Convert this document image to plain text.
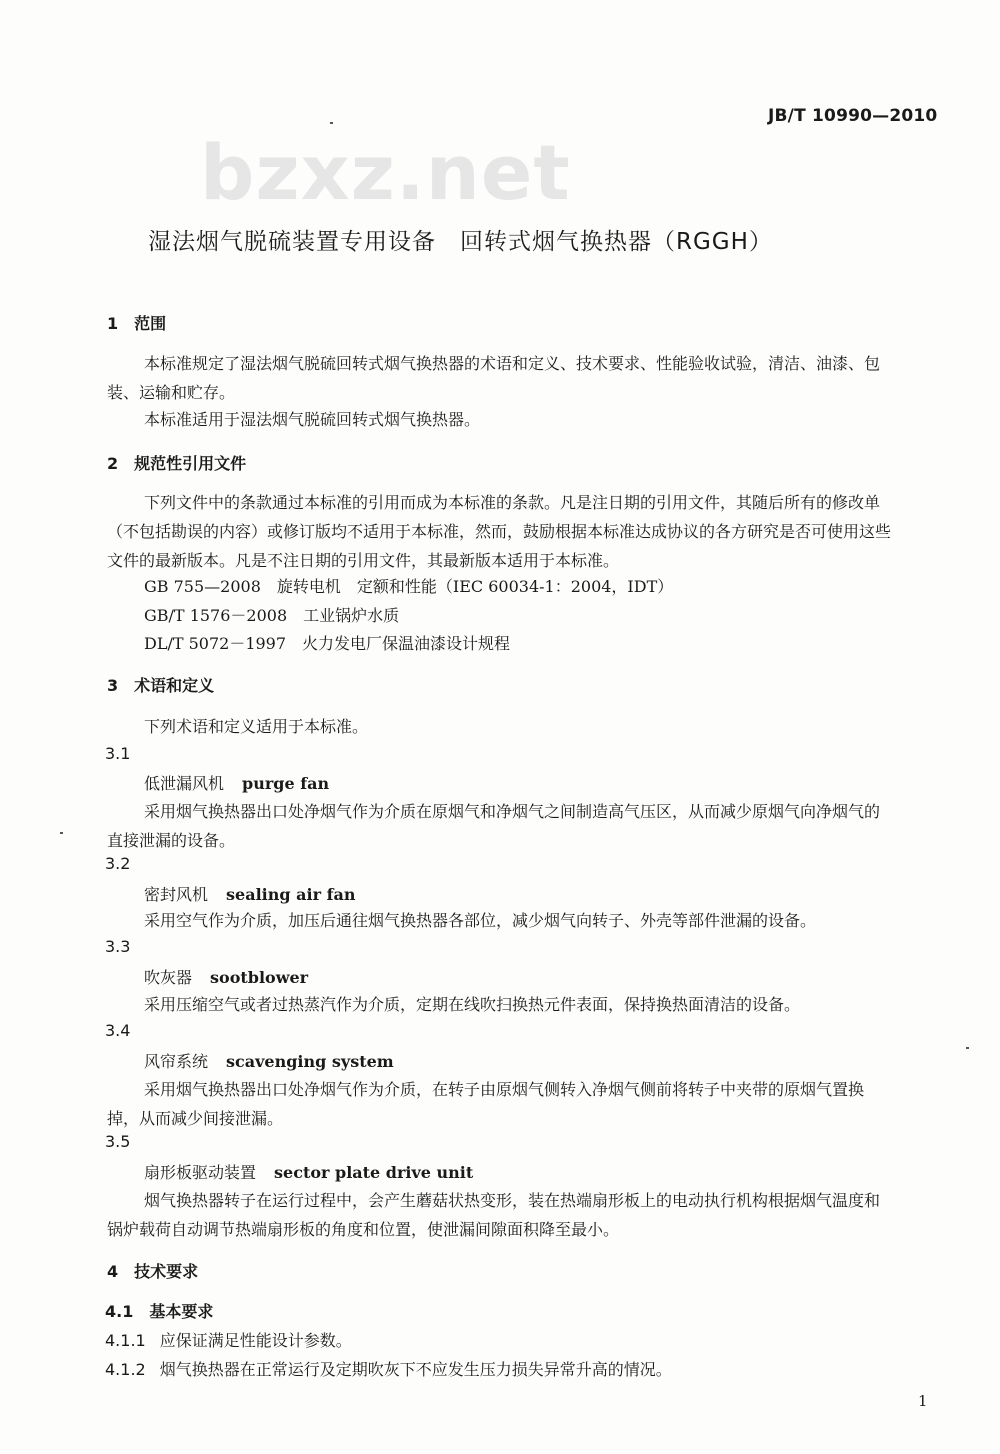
JB/T 10990—2010
bzxz.net
湿法烟气脱硫装置专用设备　回转式烟气换热器（RGGH）
1　范围
本标准规定了湿法烟气脱硫回转式烟气换热器的术语和定义、技术要求、性能验收试验，清洁、油漆、包装、运输和贮存。
本标准适用于湿法烟气脱硫回转式烟气换热器。
2　规范性引用文件
下列文件中的条款通过本标准的引用而成为本标准的条款。凡是注日期的引用文件，其随后所有的修改单（不包括勘误的内容）或修订版均不适用于本标准，然而，鼓励根据本标准达成协议的各方研究是否可使用这些文件的最新版本。凡是不注日期的引用文件，其最新版本适用于本标准。
GB 755—2008 旋转电机　定额和性能（IEC 60034-1：2004，IDT）
GB/T 1576－2008 工业锅炉水质
DL/T 5072－1997 火力发电厂保温油漆设计规程
3　术语和定义
下列术语和定义适用于本标准。
3.1
低泄漏风机 purge fan
采用烟气换热器出口处净烟气作为介质在原烟气和净烟气之间制造高气压区，从而减少原烟气向净烟气的直接泄漏的设备。
3.2
密封风机 sealing air fan
采用空气作为介质，加压后通往烟气换热器各部位，减少烟气向转子、外壳等部件泄漏的设备。
3.3
吹灰器 sootblower
采用压缩空气或者过热蒸汽作为介质，定期在线吹扫换热元件表面，保持换热面清洁的设备。
3.4
风帘系统 scavenging system
采用烟气换热器出口处净烟气作为介质，在转子由原烟气侧转入净烟气侧前将转子中夹带的原烟气置换掉，从而减少间接泄漏。
3.5
扇形板驱动装置 sector plate drive unit
烟气换热器转子在运行过程中，会产生蘑菇状热变形，装在热端扇形板上的电动执行机构根据烟气温度和锅炉载荷自动调节热端扇形板的角度和位置，使泄漏间隙面积降至最小。
4　技术要求
4.1　基本要求
4.1.1 应保证满足性能设计参数。
4.1.2 烟气换热器在正常运行及定期吹灰下不应发生压力损失异常升高的情况。
1
